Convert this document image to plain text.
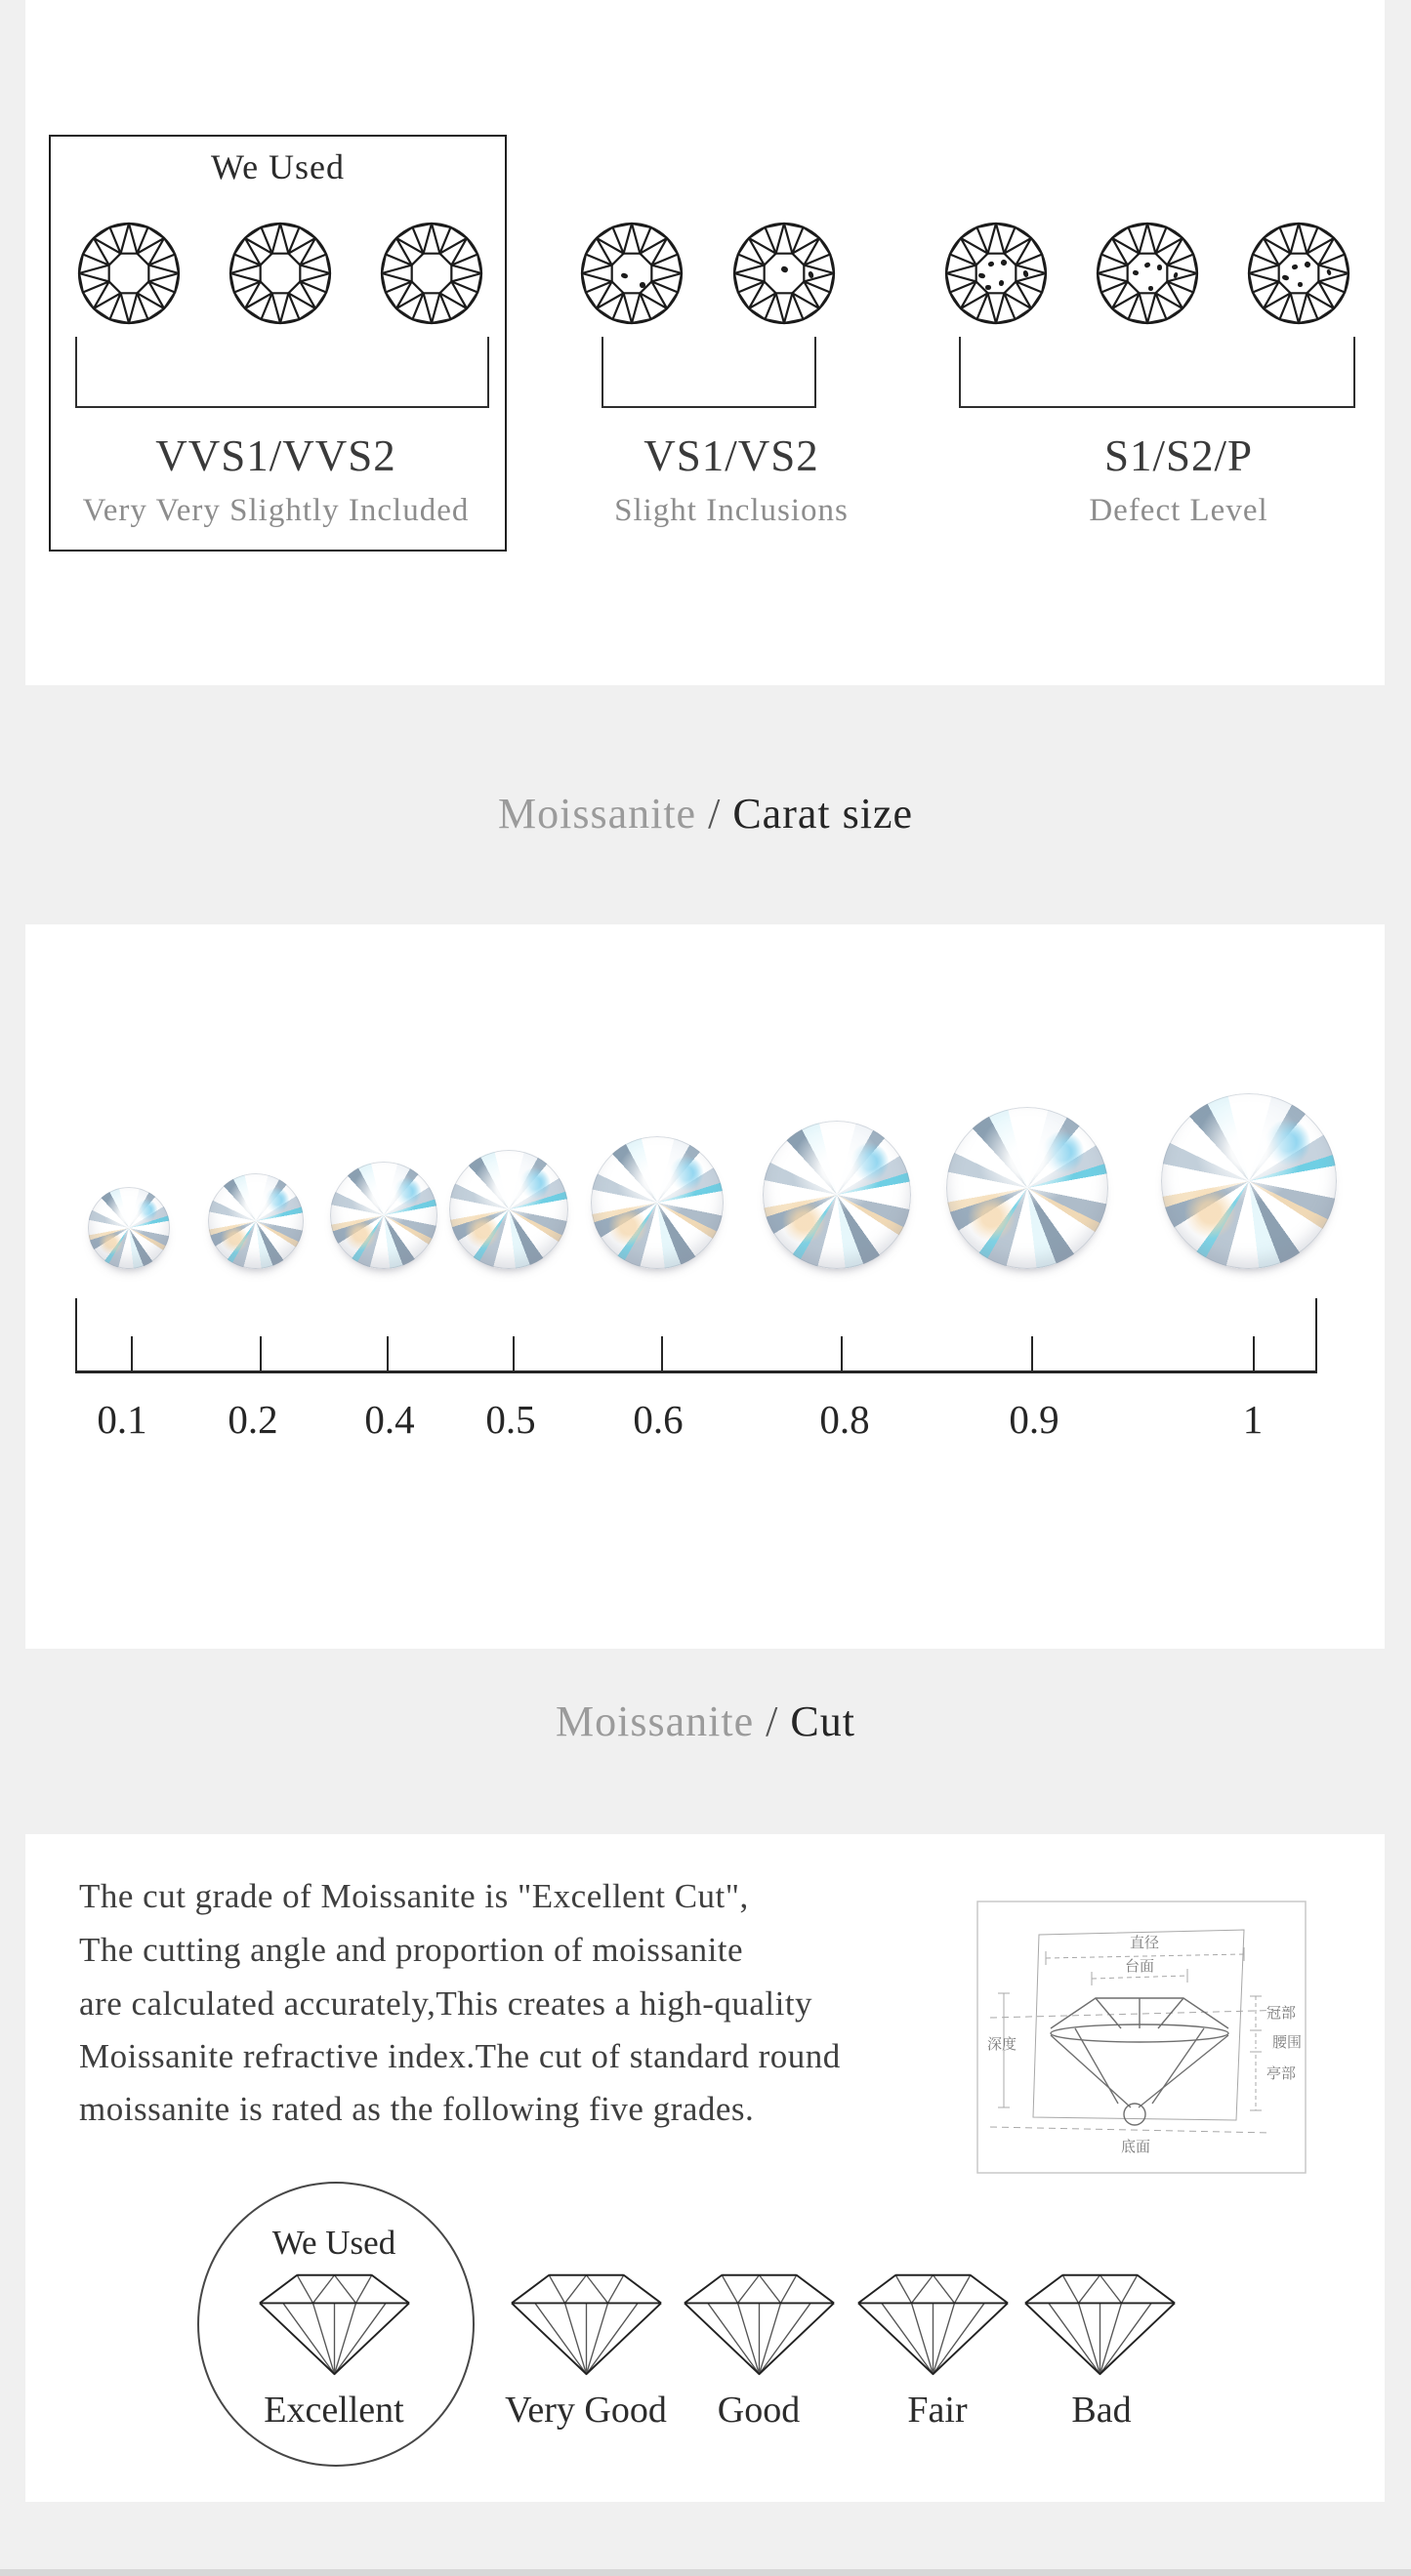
We Used
VVS1/VVS2
Very Very Slightly Included
VS1/VS2
Slight Inclusions
S1/S2/P
Defect Level
Moissanite / Carat size
0.1	0.2	0.4	0.5	0.6	0.8	0.9	1
Moissanite / Cut
The cut grade of Moissanite is "Excellent Cut",
The cutting angle and proportion of moissanite
are calculated accurately,This creates a high-quality
Moissanite refractive index.The cut of standard round
moissanite is rated as the following five grades.
直径
台面
冠部
腰围
亭部
深度
底面
We Used
Excellent	Very Good	Good	Fair	Bad
